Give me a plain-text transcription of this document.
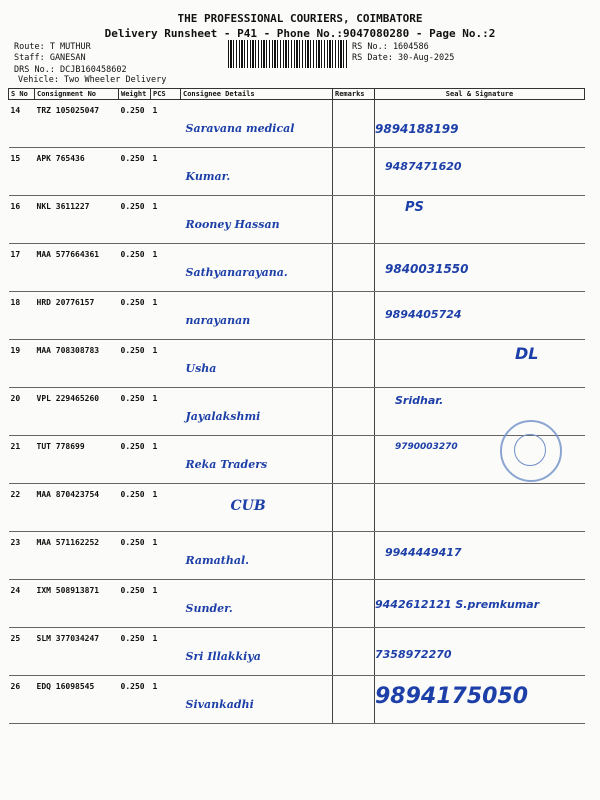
THE PROFESSIONAL COURIERS, COIMBATORE
Delivery Runsheet - P41 - Phone No.:9047080280 - Page No.:2
Route: T MUTHUR
Staff: GANESAN
DRS No.: DCJB160458602
Vehicle: Two Wheeler Delivery
RS No.: 1604586
RS Date: 30-Aug-2025
S No	Consignment No	Weight	PCS	Consignee Details	Remarks	Seal & Signature
14	TRZ 105025047	0.250	1	Saravana medical		9894188199

15	APK 765436	0.250	1	Kumar.		9487471620

16	NKL 3611227	0.250	1	Rooney Hassan		PS

17	MAA 577664361	0.250	1	Sathyanarayana.		9840031550

18	HRD 20776157	0.250	1	narayanan		9894405724

19	MAA 708308783	0.250	1	Usha		DL

20	VPL 229465260	0.250	1	Jayalakshmi		Sridhar.

21	TUT 778699	0.250	1	Reka Traders		9790003270

22	MAA 870423754	0.250	1	CUB		

23	MAA 571162252	0.250	1	Ramathal.		9944449417

24	IXM 508913871	0.250	1	Sunder.		9442612121 S.premkumar

25	SLM 377034247	0.250	1	Sri Illakkiya		7358972270

26	EDQ 16098545	0.250	1	Sivankadhi		9894175050
